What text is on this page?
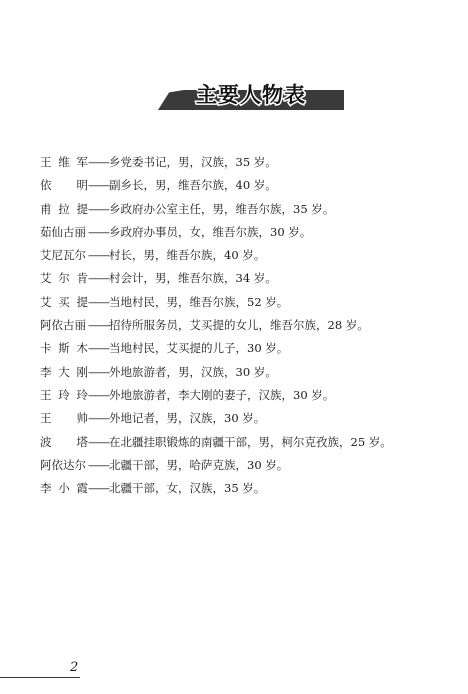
主要人物表
王 维 军 —— 乡党委书记，男，汉族，35 岁。
依 明 —— 副乡长，男，维吾尔族，40 岁。
甫 拉 提 —— 乡政府办公室主任，男，维吾尔族，35 岁。
茹仙古丽 —— 乡政府办事员，女，维吾尔族，30 岁。
艾尼瓦尔 —— 村长，男，维吾尔族，40 岁。
艾 尔 肯 —— 村会计，男，维吾尔族，34 岁。
艾 买 提 —— 当地村民，男，维吾尔族，52 岁。
阿依古丽 —— 招待所服务员，艾买提的女儿，维吾尔族，28 岁。
卡 斯 木 —— 当地村民，艾买提的儿子，30 岁。
李 大 刚 —— 外地旅游者，男，汉族，30 岁。
王 玲 玲 —— 外地旅游者，李大刚的妻子，汉族，30 岁。
王 帅 —— 外地记者，男，汉族，30 岁。
波 塔 —— 在北疆挂职锻炼的南疆干部，男，柯尔克孜族，25 岁。
阿依达尔 —— 北疆干部，男，哈萨克族，30 岁。
李 小 霞 —— 北疆干部，女，汉族，35 岁。
2
